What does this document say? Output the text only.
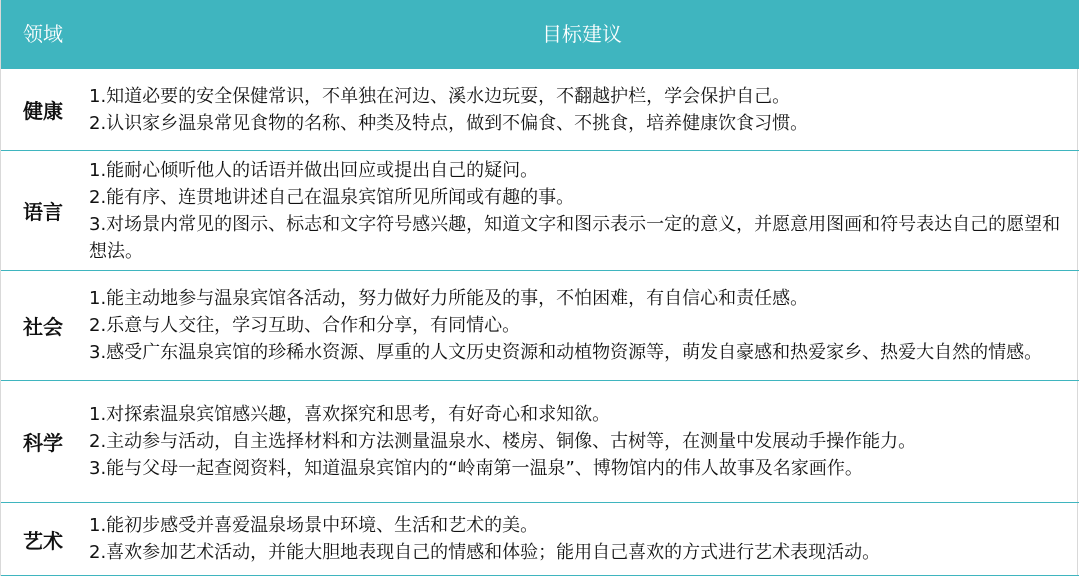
领域	目标建议
健康
1.知道必要的安全保健常识，不单独在河边、溪水边玩耍，不翻越护栏，学会保护自己。
2.认识家乡温泉常见食物的名称、种类及特点，做到不偏食、不挑食，培养健康饮食习惯。
语言
1.能耐心倾听他人的话语并做出回应或提出自己的疑问。
2.能有序、连贯地讲述自己在温泉宾馆所见所闻或有趣的事。
3.对场景内常见的图示、标志和文字符号感兴趣，知道文字和图示表示一定的意义，并愿意用图画和符号表达自己的愿望和想法。
社会
1.能主动地参与温泉宾馆各活动，努力做好力所能及的事，不怕困难，有自信心和责任感。
2.乐意与人交往，学习互助、合作和分享，有同情心。
3.感受广东温泉宾馆的珍稀水资源、厚重的人文历史资源和动植物资源等，萌发自豪感和热爱家乡、热爱大自然的情感。
科学
1.对探索温泉宾馆感兴趣，喜欢探究和思考，有好奇心和求知欲。
2.主动参与活动，自主选择材料和方法测量温泉水、楼房、铜像、古树等，在测量中发展动手操作能力。
3.能与父母一起查阅资料，知道温泉宾馆内的“岭南第一温泉”、博物馆内的伟人故事及名家画作。
艺术
1.能初步感受并喜爱温泉场景中环境、生活和艺术的美。
2.喜欢参加艺术活动，并能大胆地表现自己的情感和体验；能用自己喜欢的方式进行艺术表现活动。
